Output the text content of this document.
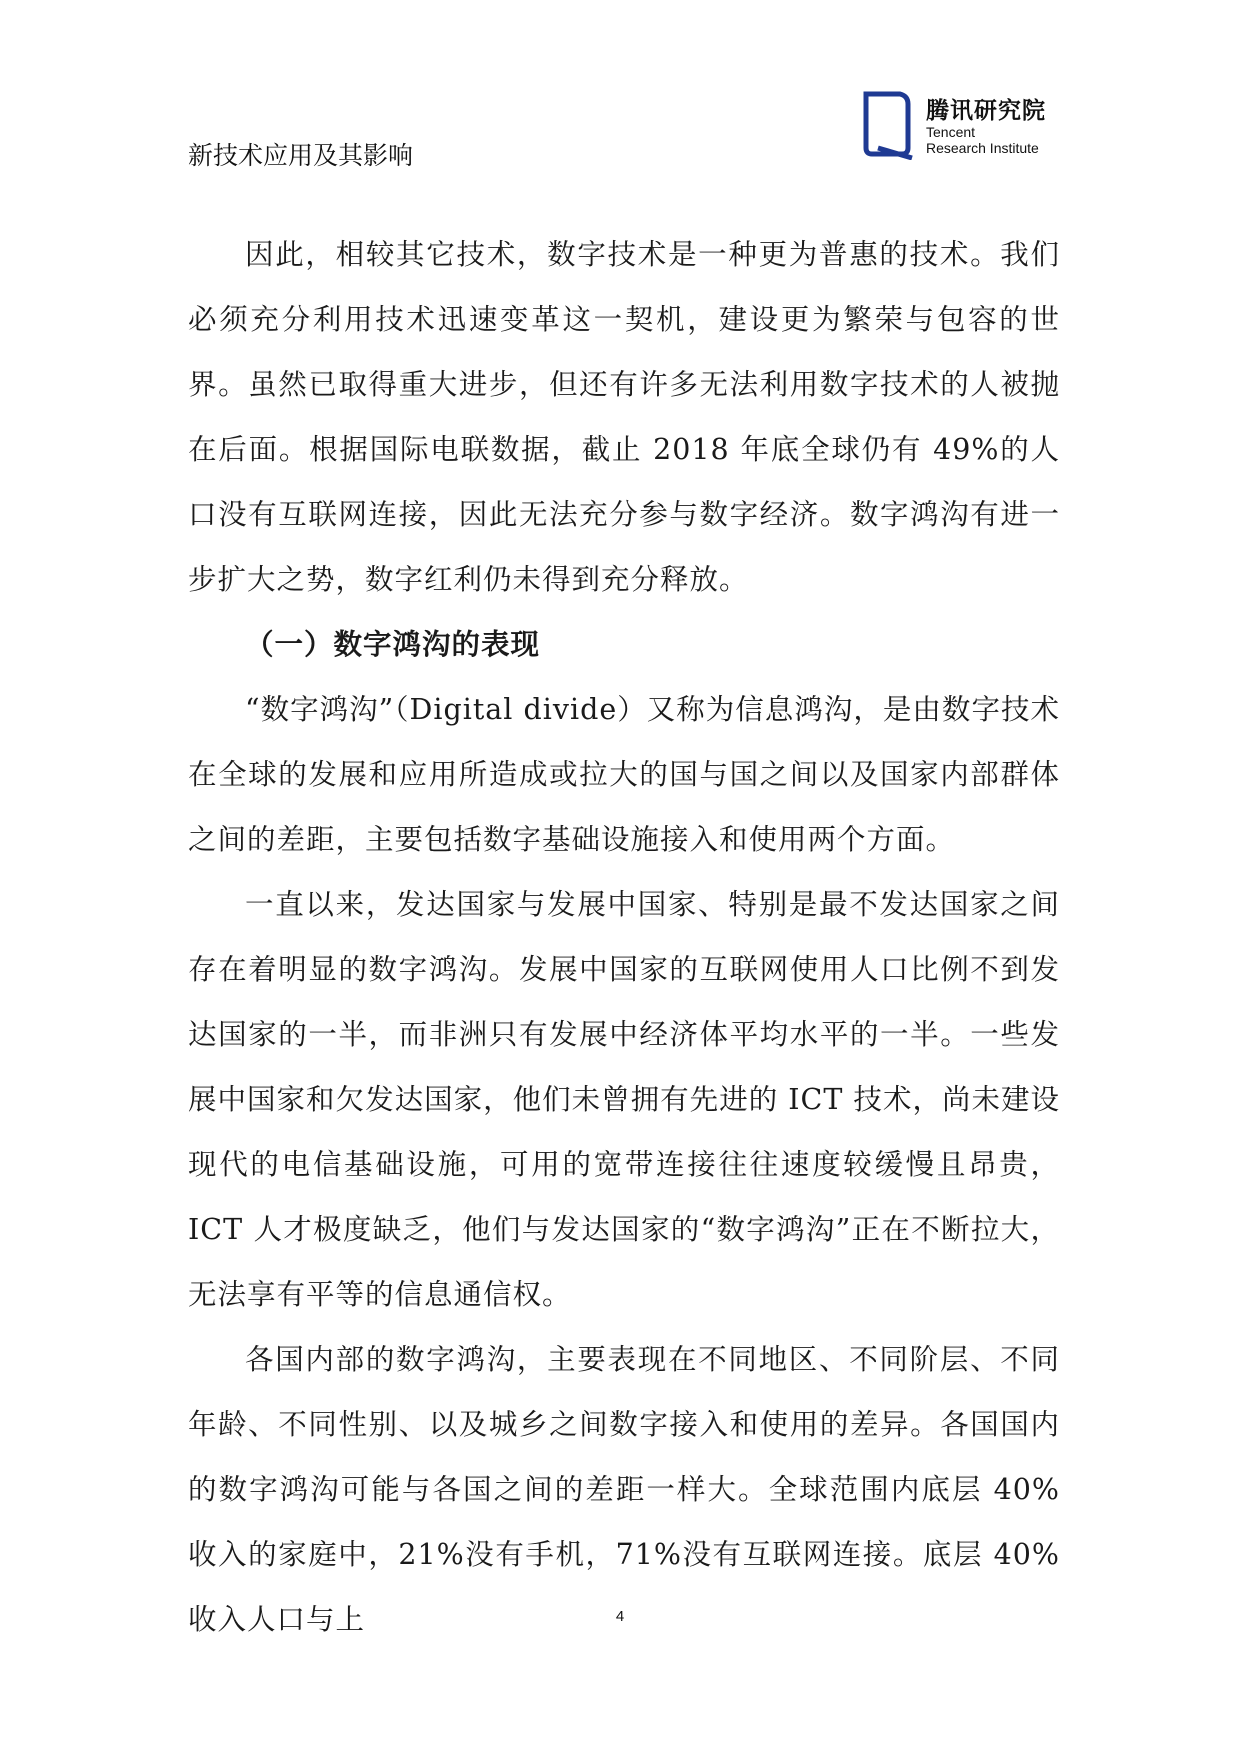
新技术应用及其影响
腾讯研究院
Tencent
Research Institute

因此，相较其它技术，数字技术是一种更为普惠的技术。我们必须充分利用技术迅速变革这一契机，建设更为繁荣与包容的世界。虽然已取得重大进步，但还有许多无法利用数字技术的人被抛在后面。根据国际电联数据，截止 2018 年底全球仍有 49%的人口没有互联网连接，因此无法充分参与数字经济。数字鸿沟有进一步扩大之势，数字红利仍未得到充分释放。

（一）数字鸿沟的表现

“数字鸿沟”（Digital divide）又称为信息鸿沟，是由数字技术在全球的发展和应用所造成或拉大的国与国之间以及国家内部群体之间的差距，主要包括数字基础设施接入和使用两个方面。

一直以来，发达国家与发展中国家、特别是最不发达国家之间存在着明显的数字鸿沟。发展中国家的互联网使用人口比例不到发达国家的一半，而非洲只有发展中经济体平均水平的一半。一些发展中国家和欠发达国家，他们未曾拥有先进的 ICT 技术，尚未建设现代的电信基础设施，可用的宽带连接往往速度较缓慢且昂贵，ICT 人才极度缺乏，他们与发达国家的“数字鸿沟”正在不断拉大，无法享有平等的信息通信权。

各国内部的数字鸿沟，主要表现在不同地区、不同阶层、不同年龄、不同性别、以及城乡之间数字接入和使用的差异。各国国内的数字鸿沟可能与各国之间的差距一样大。全球范围内底层 40%收入的家庭中，21%没有手机，71%没有互联网连接。底层 40%收入人口与上	4
